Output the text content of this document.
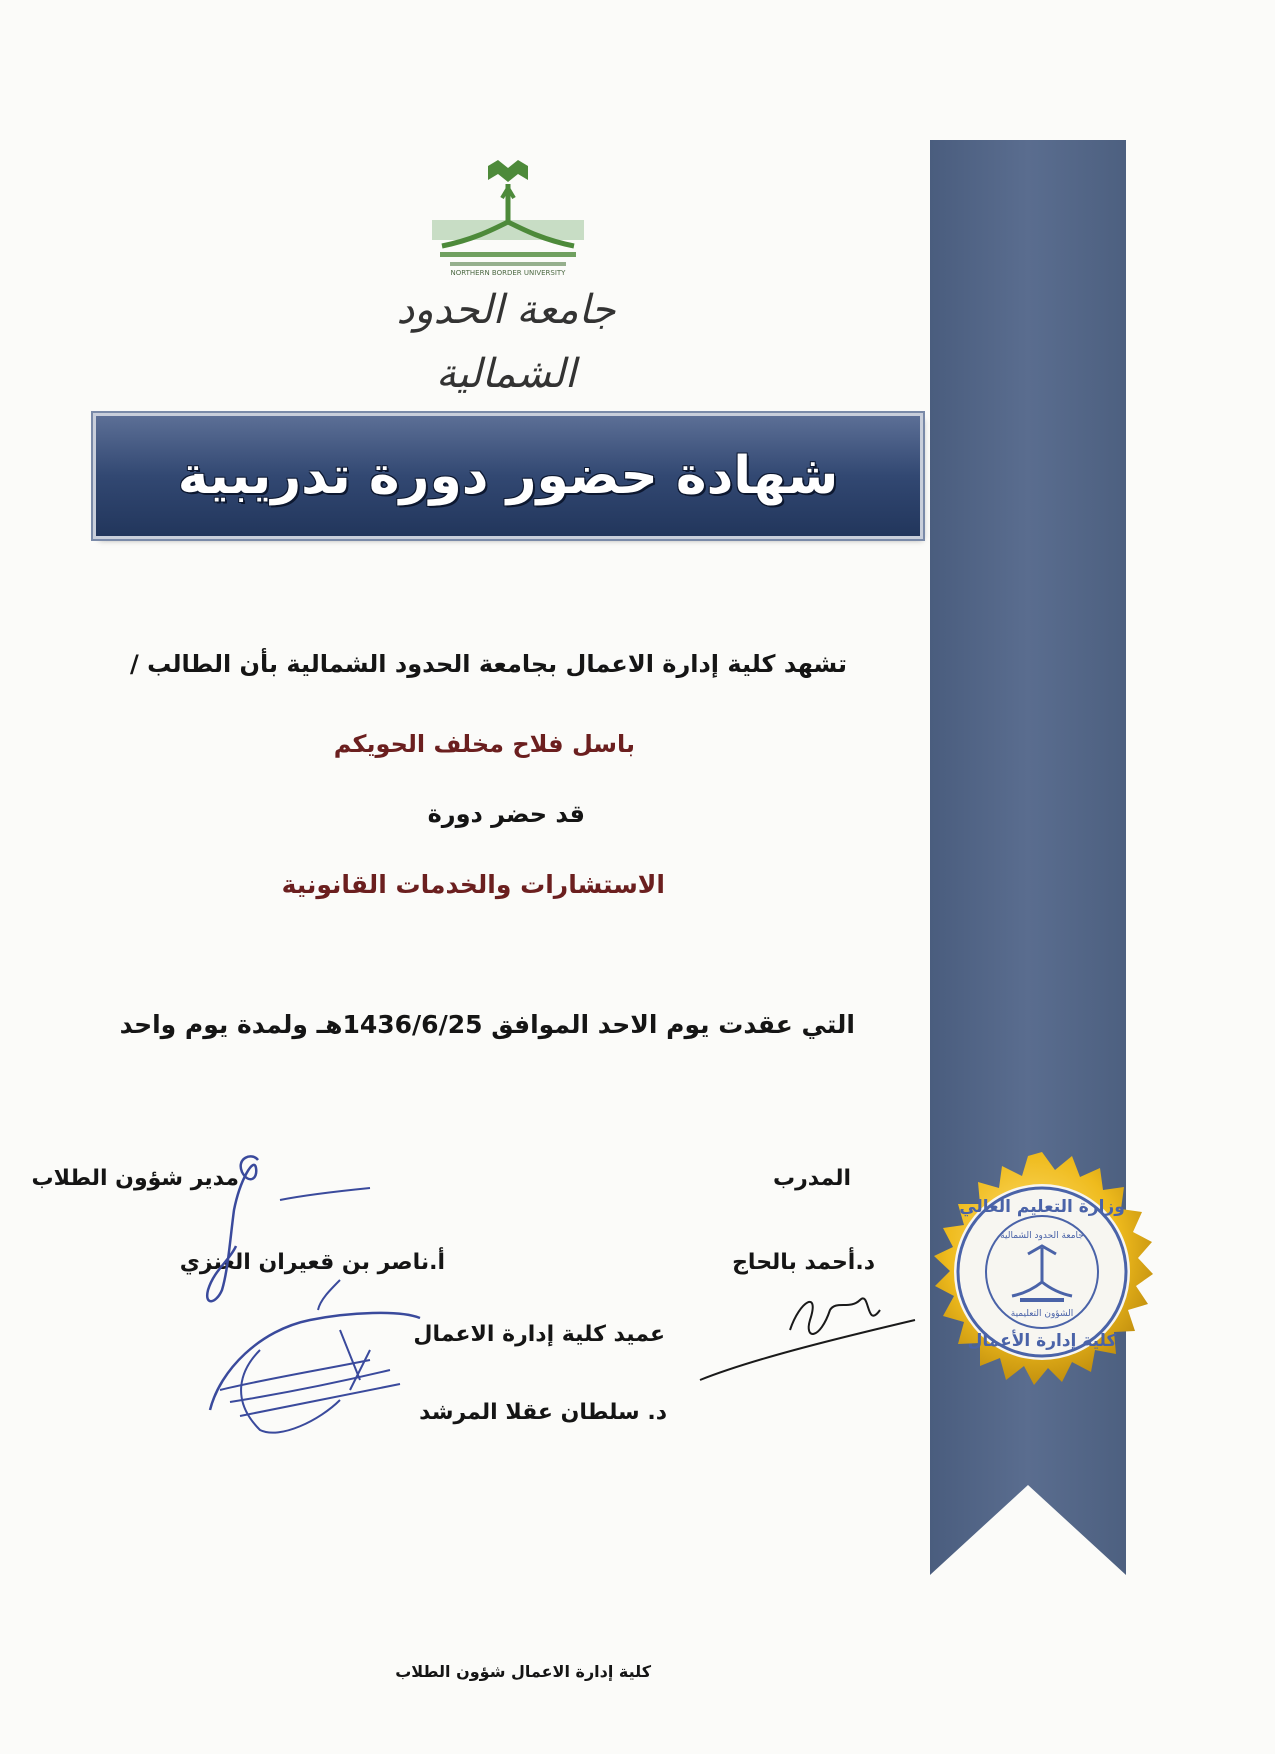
NORTHERN BORDER UNIVERSITY
جامعة الحدود الشمالية
شهادة حضور دورة تدريبية
تشهد كلية إدارة الاعمال بجامعة الحدود الشمالية بأن الطالب /
باسل فلاح مخلف الحويكم
قد حضر دورة
الاستشارات والخدمات القانونية
التي عقدت يوم الاحد الموافق 1436/6/25هـ ولمدة يوم واحد
المدرب
مدير شؤون الطلاب
د.أحمد بالحاج
أ.ناصر بن قعيران العنزي
عميد كلية إدارة الاعمال
د. سلطان عقلا المرشد
وزارة التعليم العالي
كلية إدارة الأعمال
جامعة الحدود الشمالية
الشؤون التعليمية
كلية إدارة الاعمال شؤون الطلاب
